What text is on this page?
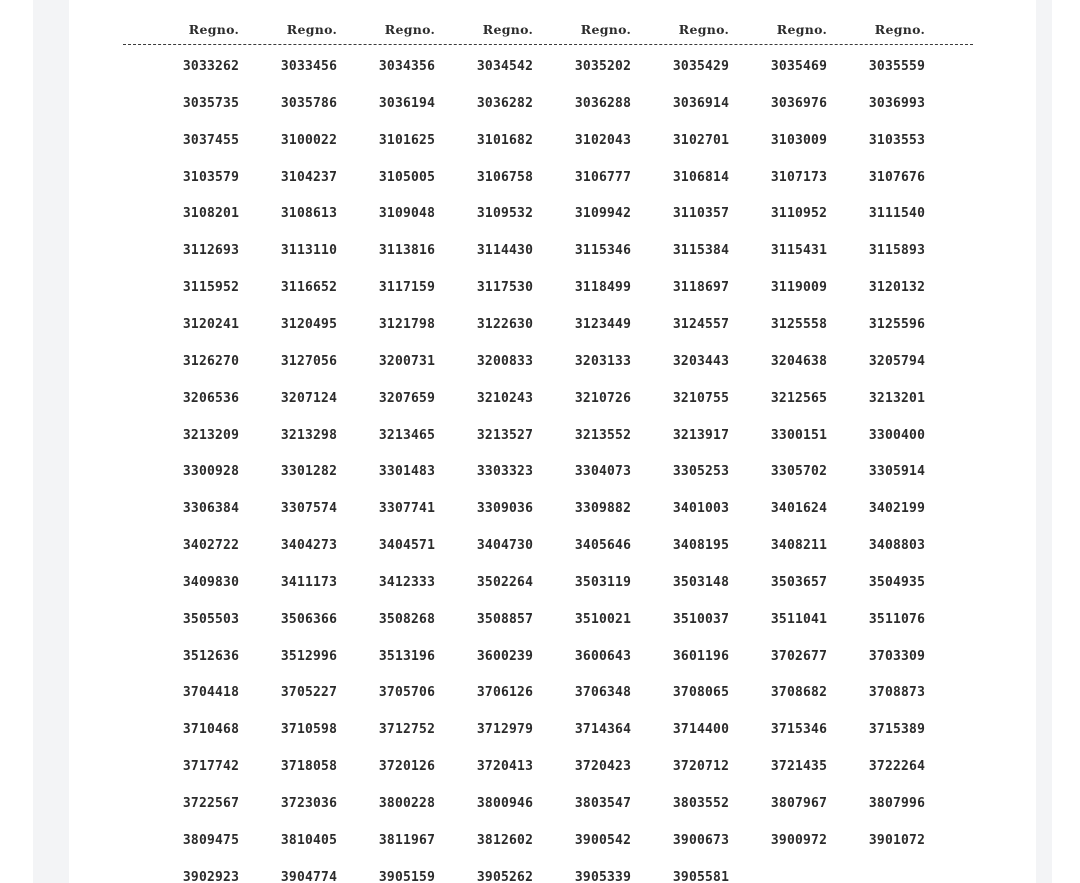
Regno.	Regno.	Regno.	Regno.	Regno.	Regno.	Regno.	Regno.
3033262	3033456	3034356	3034542	3035202	3035429	3035469	3035559
3035735	3035786	3036194	3036282	3036288	3036914	3036976	3036993
3037455	3100022	3101625	3101682	3102043	3102701	3103009	3103553
3103579	3104237	3105005	3106758	3106777	3106814	3107173	3107676
3108201	3108613	3109048	3109532	3109942	3110357	3110952	3111540
3112693	3113110	3113816	3114430	3115346	3115384	3115431	3115893
3115952	3116652	3117159	3117530	3118499	3118697	3119009	3120132
3120241	3120495	3121798	3122630	3123449	3124557	3125558	3125596
3126270	3127056	3200731	3200833	3203133	3203443	3204638	3205794
3206536	3207124	3207659	3210243	3210726	3210755	3212565	3213201
3213209	3213298	3213465	3213527	3213552	3213917	3300151	3300400
3300928	3301282	3301483	3303323	3304073	3305253	3305702	3305914
3306384	3307574	3307741	3309036	3309882	3401003	3401624	3402199
3402722	3404273	3404571	3404730	3405646	3408195	3408211	3408803
3409830	3411173	3412333	3502264	3503119	3503148	3503657	3504935
3505503	3506366	3508268	3508857	3510021	3510037	3511041	3511076
3512636	3512996	3513196	3600239	3600643	3601196	3702677	3703309
3704418	3705227	3705706	3706126	3706348	3708065	3708682	3708873
3710468	3710598	3712752	3712979	3714364	3714400	3715346	3715389
3717742	3718058	3720126	3720413	3720423	3720712	3721435	3722264
3722567	3723036	3800228	3800946	3803547	3803552	3807967	3807996
3809475	3810405	3811967	3812602	3900542	3900673	3900972	3901072
3902923	3904774	3905159	3905262	3905339	3905581
